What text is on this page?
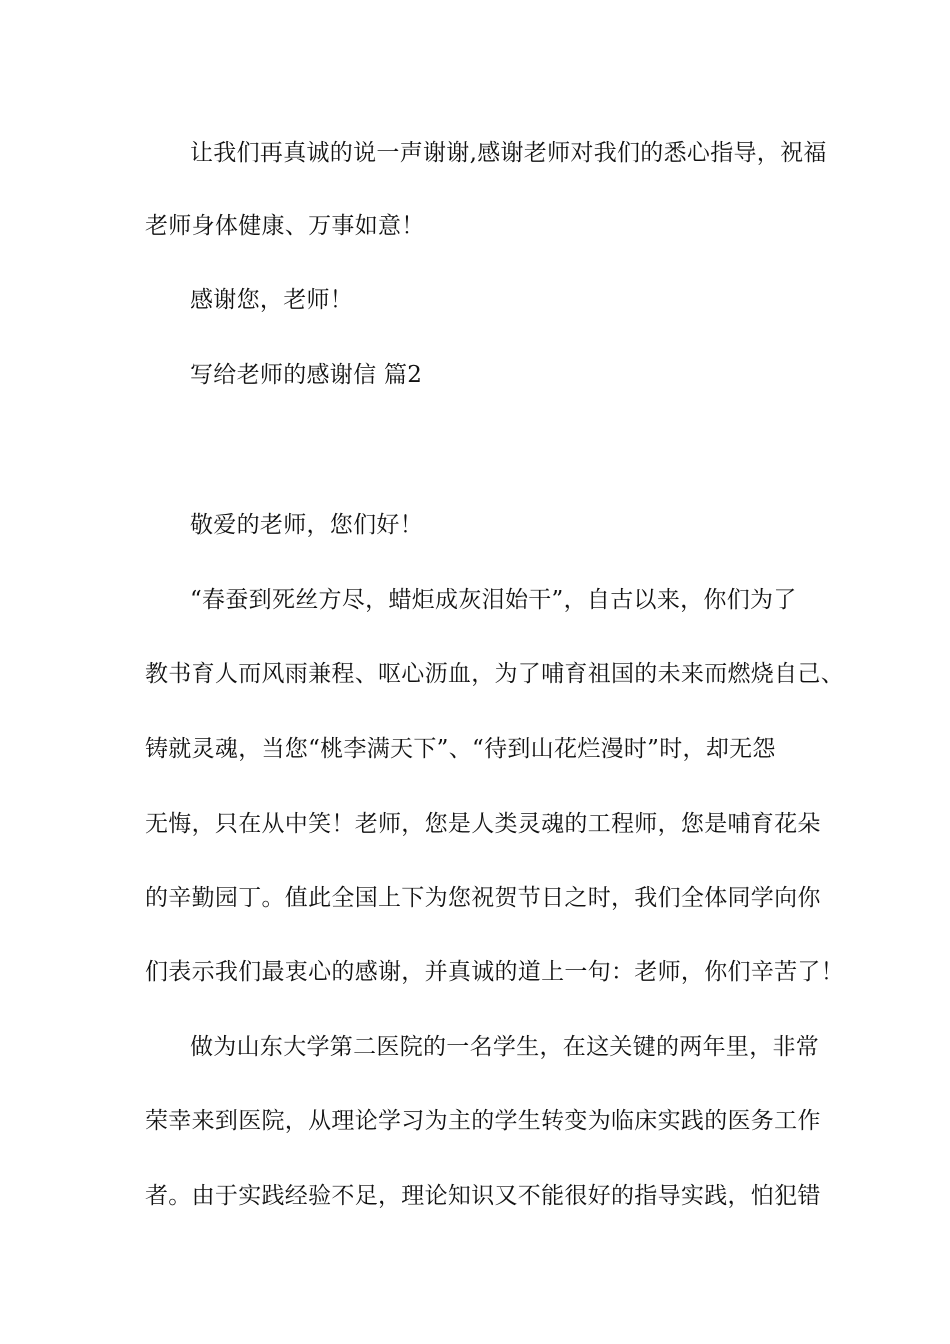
让我们再真诚的说一声谢谢,感谢老师对我们的悉心指导，祝福
老师身体健康、万事如意！
感谢您，老师！
写给老师的感谢信 篇2
敬爱的老师，您们好！
“春蚕到死丝方尽，蜡炬成灰泪始干”，自古以来，你们为了
教书育人而风雨兼程、呕心沥血，为了哺育祖国的未来而燃烧自己、
铸就灵魂，当您“桃李满天下”、“待到山花烂漫时”时，却无怨
无悔，只在从中笑！老师，您是人类灵魂的工程师，您是哺育花朵
的辛勤园丁。值此全国上下为您祝贺节日之时，我们全体同学向你
们表示我们最衷心的感谢，并真诚的道上一句：老师，你们辛苦了！
做为山东大学第二医院的一名学生，在这关键的两年里，非常
荣幸来到医院，从理论学习为主的学生转变为临床实践的医务工作
者。由于实践经验不足，理论知识又不能很好的指导实践，怕犯错
